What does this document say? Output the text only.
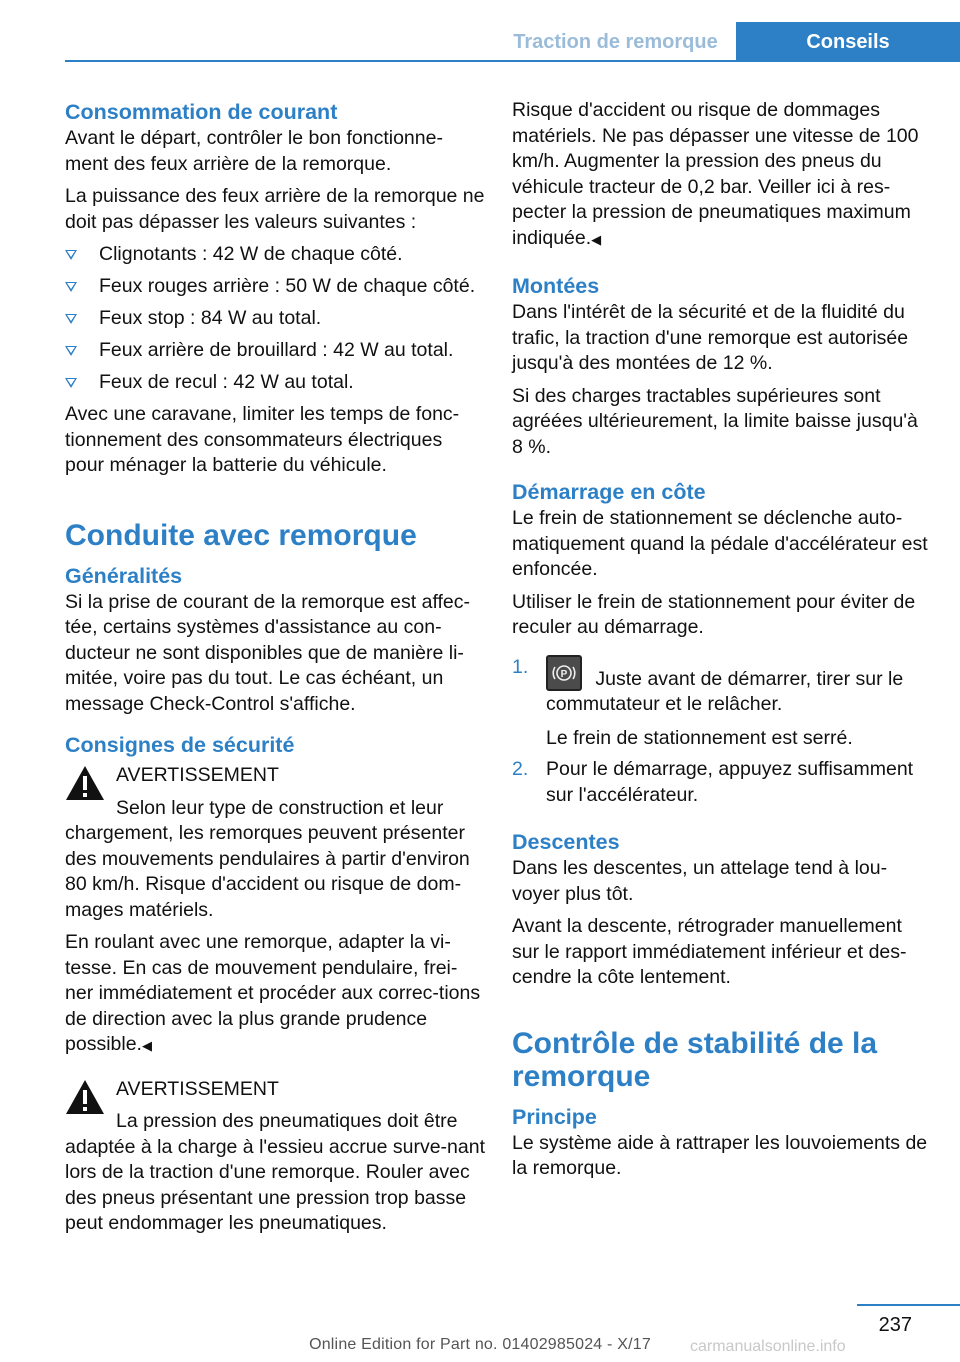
Traction de remorque	Conseils
Consommation de courant

Avant le départ, contrôler le bon fonctionne-ment des feux arrière de la remorque.

La puissance des feux arrière de la remorque ne doit pas dépasser les valeurs suivantes :

Clignotants : 42 W de chaque côté.
Feux rouges arrière : 50 W de chaque côté.
Feux stop : 84 W au total.
Feux arrière de brouillard : 42 W au total.
Feux de recul : 42 W au total.

Avec une caravane, limiter les temps de fonc-tionnement des consommateurs électriques pour ménager la batterie du véhicule.

Conduite avec remorque
Généralités

Si la prise de courant de la remorque est affec-tée, certains systèmes d'assistance au con-ducteur ne sont disponibles que de manière li-mitée, voire pas du tout. Le cas échéant, un message Check-Control s'affiche.

Consignes de sécurité
AVERTISSEMENT
Selon leur type de construction et leur

chargement, les remorques peuvent présenter des mouvements pendulaires à partir d'environ 80 km/h. Risque d'accident ou risque de dom-mages matériels.

En roulant avec une remorque, adapter la vi-tesse. En cas de mouvement pendulaire, frei-ner immédiatement et procéder aux correc-tions de direction avec la plus grande prudence possible.◀

AVERTISSEMENT
La pression des pneumatiques doit être

adaptée à la charge à l'essieu accrue surve-nant lors de la traction d'une remorque. Rouler avec des pneus présentant une pression trop basse peut endommager les pneumatiques.

Risque d'accident ou risque de dommages matériels. Ne pas dépasser une vitesse de 100 km/h. Augmenter la pression des pneus du véhicule tracteur de 0,2 bar. Veiller ici à res-pecter la pression de pneumatiques maximum indiquée.◀

Montées

Dans l'intérêt de la sécurité et de la fluidité du trafic, la traction d'une remorque est autorisée jusqu'à des montées de 12 %.

Si des charges tractables supérieures sont agréées ultérieurement, la limite baisse jusqu'à 8 %.

Démarrage en côte

Le frein de stationnement se déclenche auto-matiquement quand la pédale d'accélérateur est enfoncée.

Utiliser le frein de stationnement pour éviter de reculer au démarrage.

1.	P Juste avant de démarrer, tirer sur le commutateur et le relâcher.
Le frein de stationnement est serré.
2. Pour le démarrage, appuyez suffisamment sur l'accélérateur.
Descentes

Dans les descentes, un attelage tend à lou-voyer plus tôt.

Avant la descente, rétrograder manuellement sur le rapport immédiatement inférieur et des-cendre la côte lentement.

Contrôle de stabilité de la remorque
Principe

Le système aide à rattraper les louvoiements de la remorque.

237
Online Edition for Part no. 01402985024 - X/17	carmanualsonline.info
